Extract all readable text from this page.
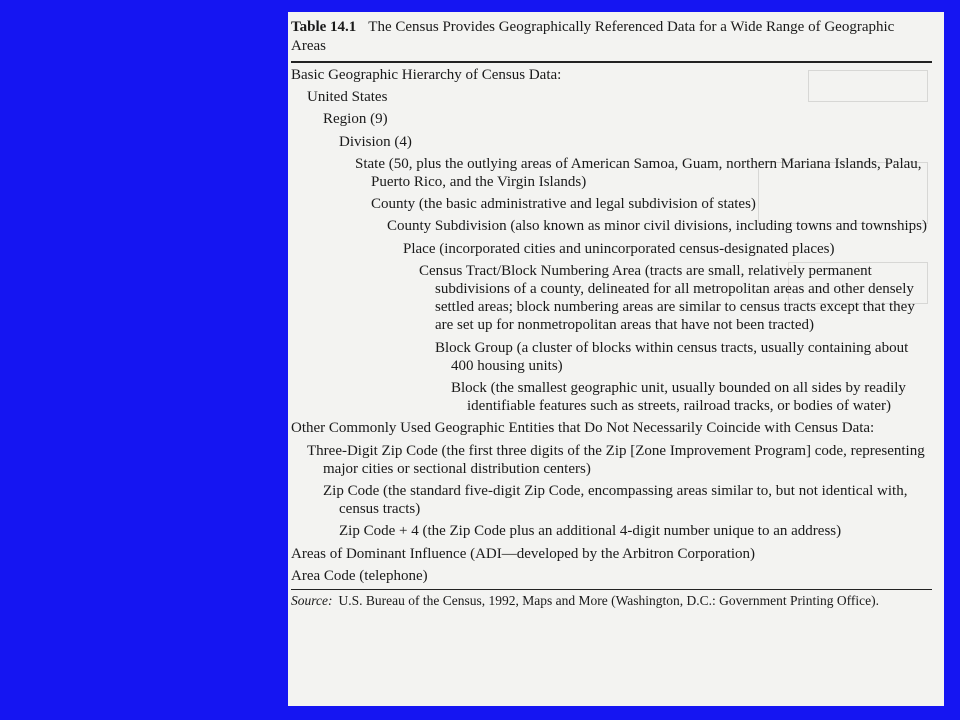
Table 14.1 The Census Provides Geographically Referenced Data for a Wide Range of Geographic Areas
Basic Geographic Hierarchy of Census Data:
United States
Region (9)
Division (4)
State (50, plus the outlying areas of American Samoa, Guam, northern Mariana Islands, Palau, Puerto Rico, and the Virgin Islands)
County (the basic administrative and legal subdivision of states)
County Subdivision (also known as minor civil divisions, including towns and townships)
Place (incorporated cities and unincorporated census-designated places)
Census Tract/Block Numbering Area (tracts are small, relatively permanent subdivisions of a county, delineated for all metropolitan areas and other densely settled areas; block numbering areas are similar to census tracts except that they are set up for nonmetropolitan areas that have not been tracted)
Block Group (a cluster of blocks within census tracts, usually containing about 400 housing units)
Block (the smallest geographic unit, usually bounded on all sides by readily identifiable features such as streets, railroad tracks, or bodies of water)
Other Commonly Used Geographic Entities that Do Not Necessarily Coincide with Census Data:
Three-Digit Zip Code (the first three digits of the Zip [Zone Improvement Program] code, representing major cities or sectional distribution centers)
Zip Code (the standard five-digit Zip Code, encompassing areas similar to, but not identical with, census tracts)
Zip Code + 4 (the Zip Code plus an additional 4-digit number unique to an address)
Areas of Dominant Influence (ADI—developed by the Arbitron Corporation)
Area Code (telephone)
Source: U.S. Bureau of the Census, 1992, Maps and More (Washington, D.C.: Government Printing Office).
